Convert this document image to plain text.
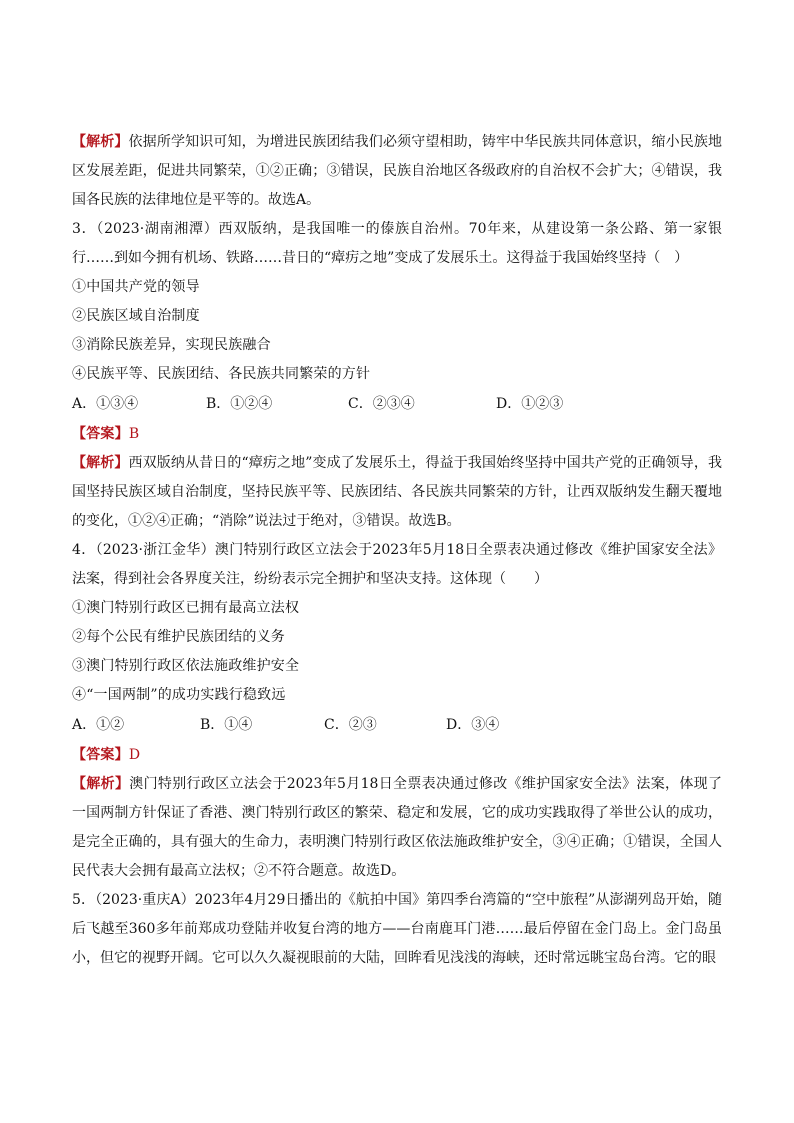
【解析】依据所学知识可知，为增进民族团结我们必须守望相助，铸牢中华民族共同体意识，缩小民族地区发展差距，促进共同繁荣，①②正确；③错误，民族自治地区各级政府的自治权不会扩大；④错误，我国各民族的法律地位是平等的。故选A。

3．（2023·湖南湘潭）西双版纳，是我国唯一的傣族自治州。70年来，从建设第一条公路、第一家银行……到如今拥有机场、铁路……昔日的“瘴疠之地”变成了发展乐土。这得益于我国始终坚持（　）

①中国共产党的领导

②民族区域自治制度

③消除民族差异，实现民族融合

④民族平等、民族团结、各民族共同繁荣的方针

A．①③④	B．①②④	C．②③④	D．①②③

【答案】B

【解析】西双版纳从昔日的“瘴疠之地”变成了发展乐土，得益于我国始终坚持中国共产党的正确领导，我国坚持民族区域自治制度，坚持民族平等、民族团结、各民族共同繁荣的方针，让西双版纳发生翻天覆地的变化，①②④正确；“消除”说法过于绝对，③错误。故选B。

4．（2023·浙江金华）澳门特别行政区立法会于2023年5月18日全票表决通过修改《维护国家安全法》法案，得到社会各界度关注，纷纷表示完全拥护和坚决支持。这体现（　　）

①澳门特别行政区已拥有最高立法权

②每个公民有维护民族团结的义务

③澳门特别行政区依法施政维护安全

④“一国两制”的成功实践行稳致远

A．①②	B．①④	C．②③	D．③④

【答案】D

【解析】澳门特别行政区立法会于2023年5月18日全票表决通过修改《维护国家安全法》法案，体现了一国两制方针保证了香港、澳门特别行政区的繁荣、稳定和发展，它的成功实践取得了举世公认的成功，是完全正确的，具有强大的生命力，表明澳门特别行政区依法施政维护安全，③④正确；①错误，全国人民代表大会拥有最高立法权；②不符合题意。故选D。

5．（2023·重庆A）2023年4月29日播出的《航拍中国》第四季台湾篇的“空中旅程”从澎湖列岛开始，随后飞越至360多年前郑成功登陆并收复台湾的地方——台南鹿耳门港……最后停留在金门岛上。金门岛虽小，但它的视野开阔。它可以久久凝视眼前的大陆，回眸看见浅浅的海峡，还时常远眺宝岛台湾。它的眼
